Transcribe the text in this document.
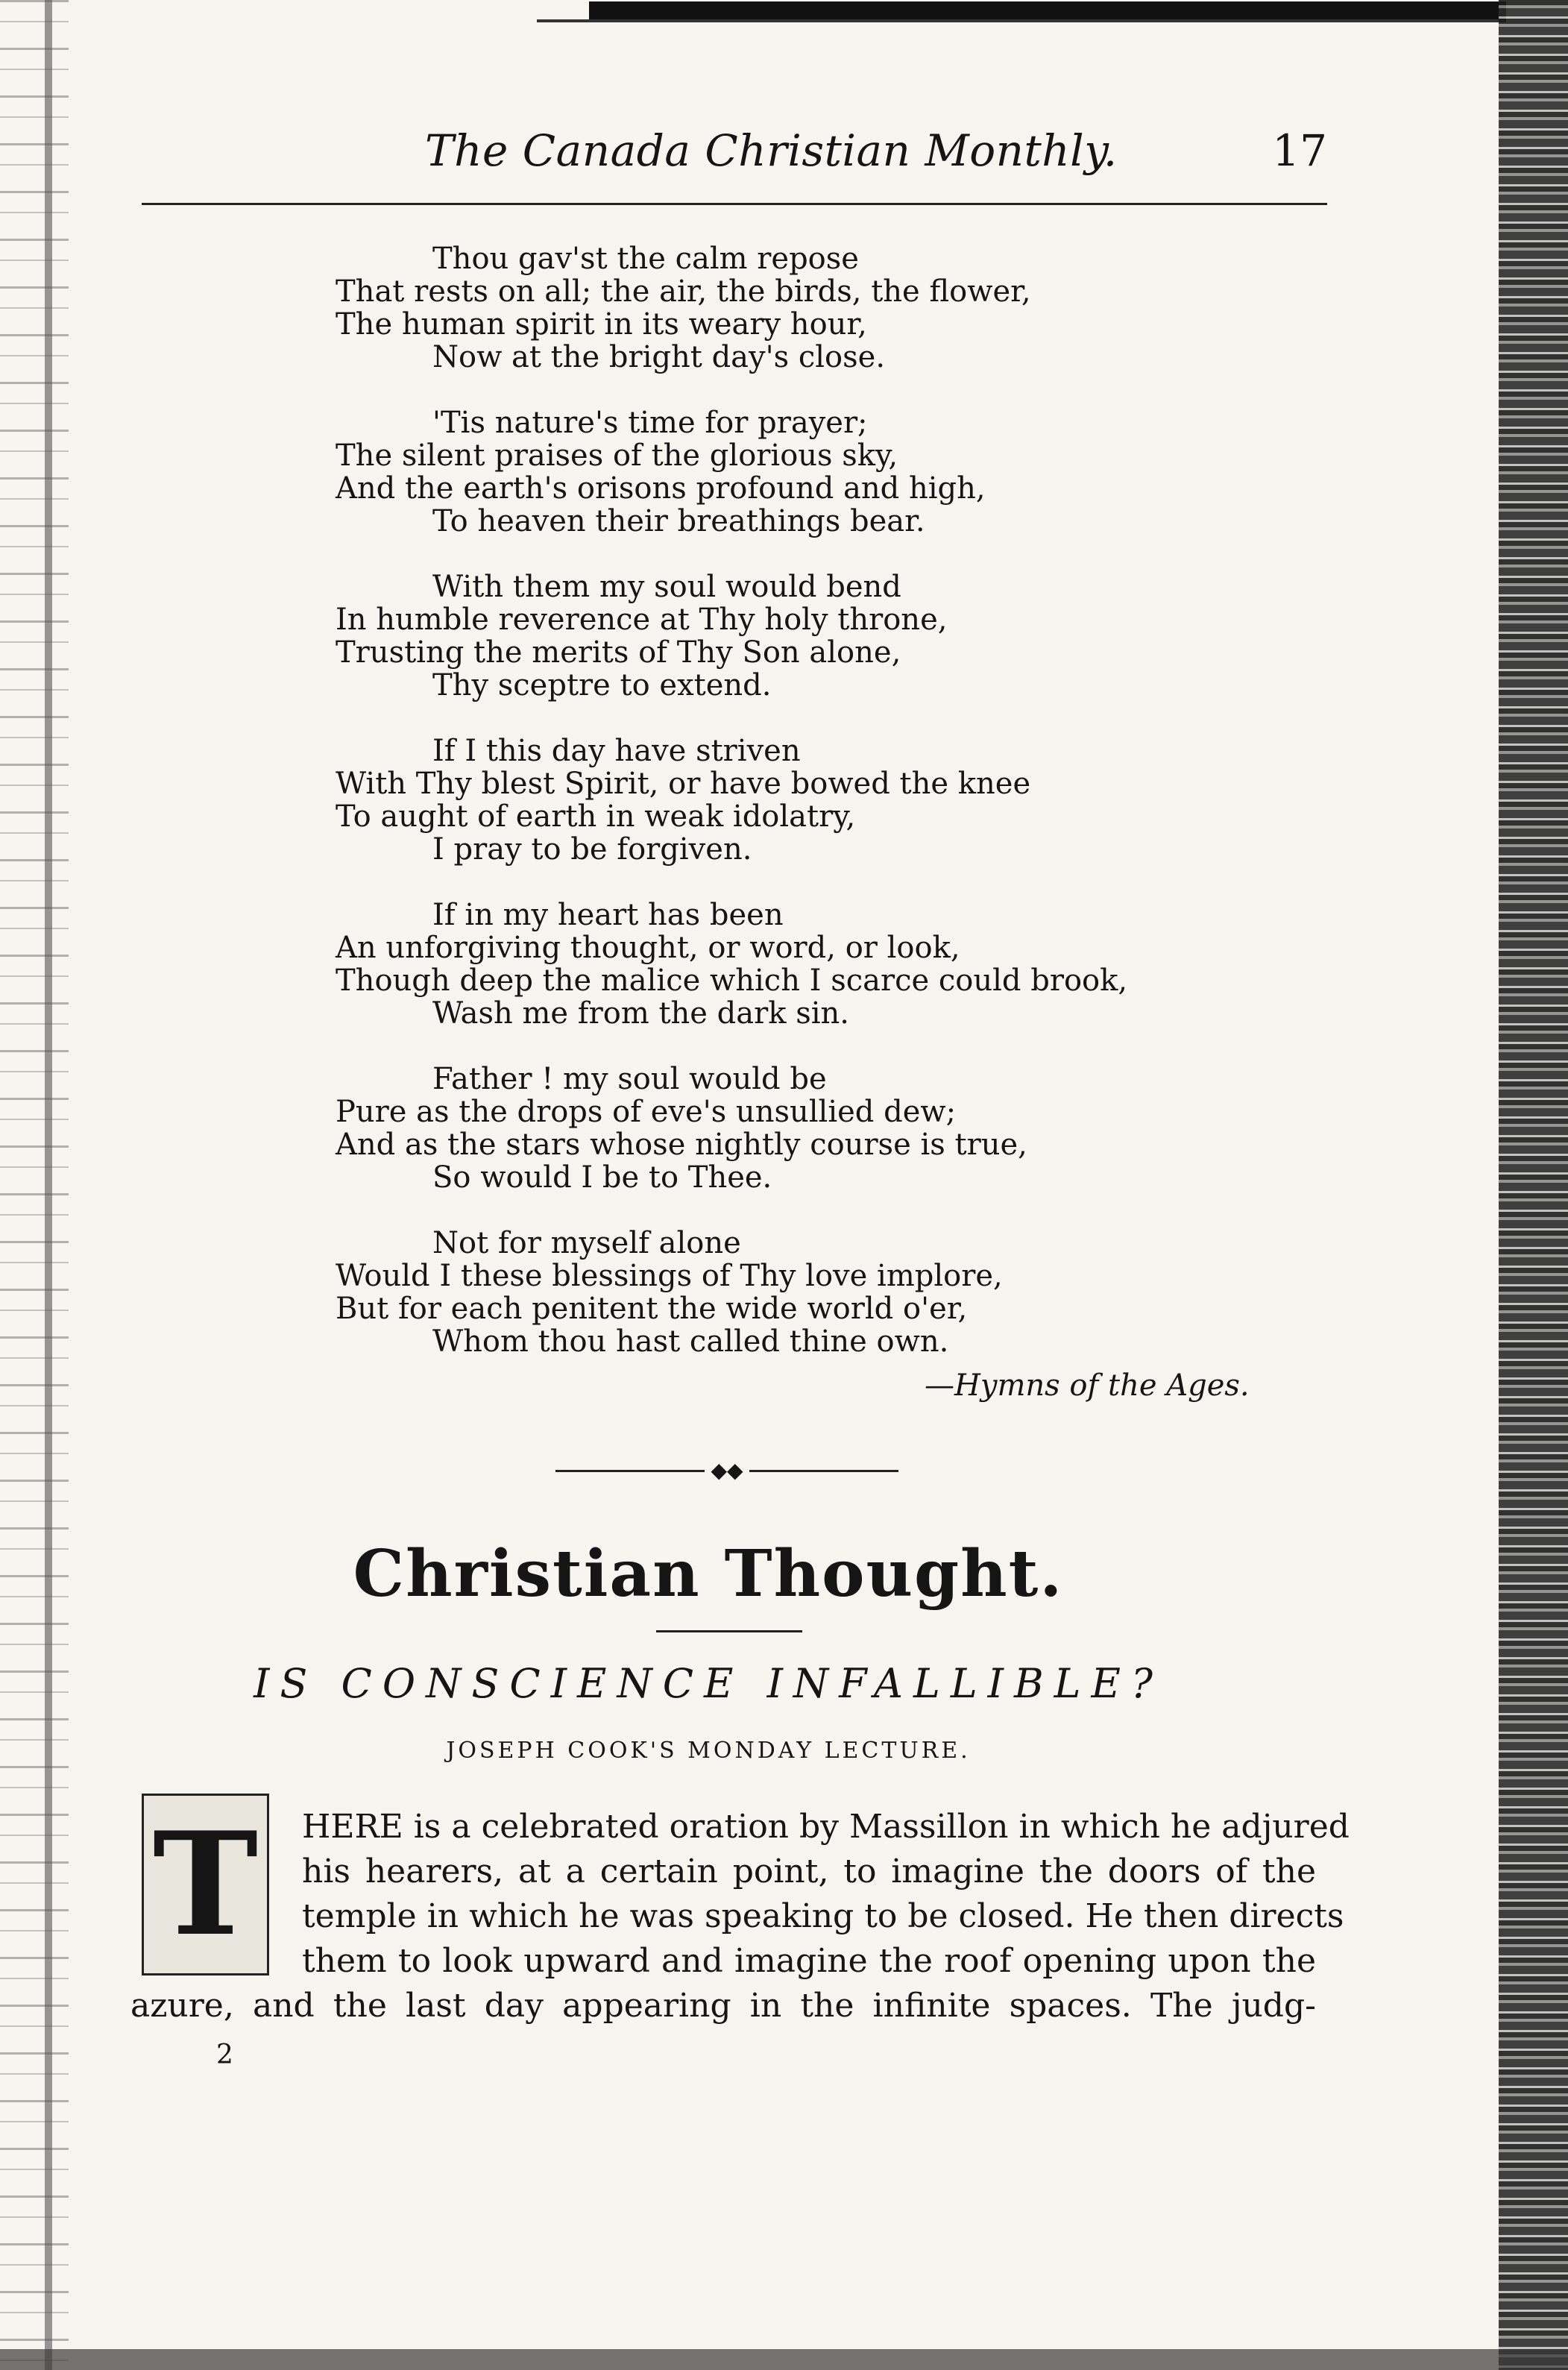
The Canada Christian Monthly.	17
Thou gav'st the calm repose
That rests on all; the air, the birds, the flower,
The human spirit in its weary hour,
Now at the bright day's close.
'Tis nature's time for prayer;
The silent praises of the glorious sky,
And the earth's orisons profound and high,
To heaven their breathings bear.
With them my soul would bend
In humble reverence at Thy holy throne,
Trusting the merits of Thy Son alone,
Thy sceptre to extend.
If I this day have striven
With Thy blest Spirit, or have bowed the knee
To aught of earth in weak idolatry,
I pray to be forgiven.
If in my heart has been
An unforgiving thought, or word, or look,
Though deep the malice which I scarce could brook,
Wash me from the dark sin.
Father ! my soul would be
Pure as the drops of eve's unsullied dew;
And as the stars whose nightly course is true,
So would I be to Thee.
Not for myself alone
Would I these blessings of Thy love implore,
But for each penitent the wide world o'er,
Whom thou hast called thine own.
—Hymns of the Ages.
◆◆
Christian Thought.
IS CONSCIENCE INFALLIBLE?
JOSEPH COOK'S MONDAY LECTURE.
T	HERE is a celebrated oration by Massillon in which he adjured
his hearers, at a certain point, to imagine the doors of the
temple in which he was speaking to be closed. He then directs
them to look upward and imagine the roof opening upon the
azure, and the last day appearing in the infinite spaces. The judg-
2
